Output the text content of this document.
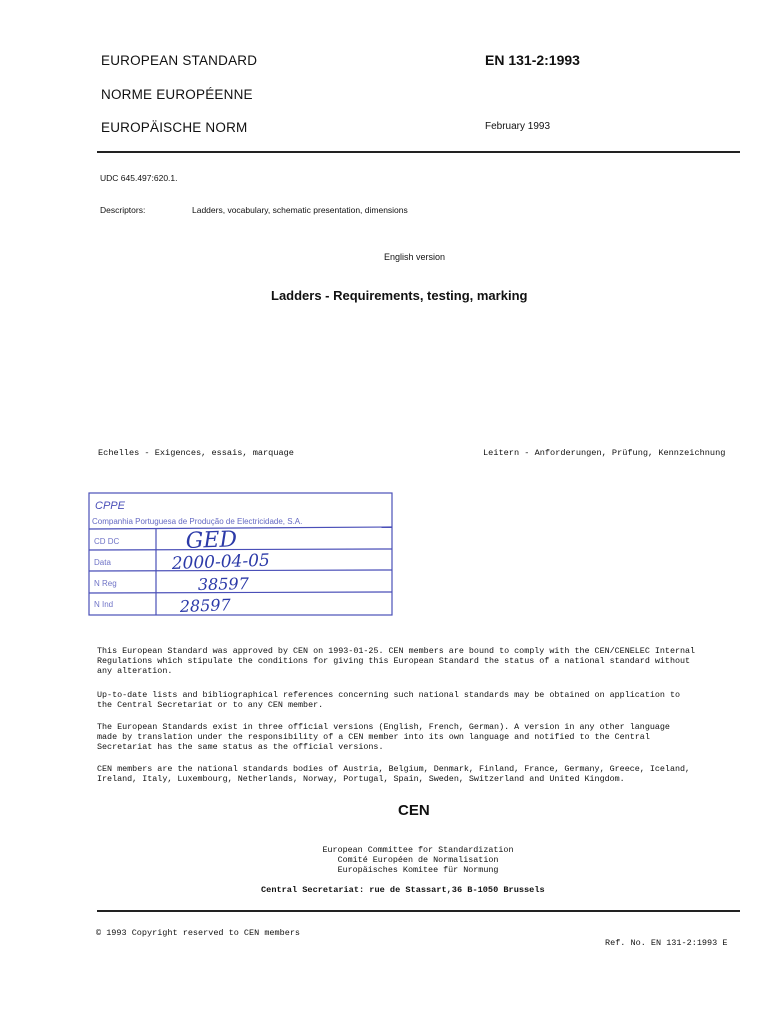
EUROPEAN STANDARD
NORME EUROPÉENNE
EUROPÄISCHE NORM
EN 131-2:1993
February 1993
UDC 645.497:620.1.
Descriptors:	Ladders, vocabulary, schematic presentation, dimensions
English version
Ladders - Requirements, testing, marking
Echelles - Exigences, essais, marquage	Leitern - Anforderungen, Prüfung, Kennzeichnung
CPPE
Companhia Portuguesa de Produção de Electricidade, S.A.
CD DC
Data
N Reg
N Ind
GED
2000-04-05
38597
28597
This European Standard was approved by CEN on 1993-01-25. CEN members are bound to comply with the CEN/CENELEC Internal
Regulations which stipulate the conditions for giving this European Standard the status of a national standard without
any alteration.
Up-to-date lists and bibliographical references concerning such national standards may be obtained on application to
the Central Secretariat or to any CEN member.
The European Standards exist in three official versions (English, French, German). A version in any other language
made by translation under the responsibility of a CEN member into its own language and notified to the Central
Secretariat has the same status as the official versions.
CEN members are the national standards bodies of Austria, Belgium, Denmark, Finland, France, Germany, Greece, Iceland,
Ireland, Italy, Luxembourg, Netherlands, Norway, Portugal, Spain, Sweden, Switzerland and United Kingdom.
CEN
European Committee for Standardization
Comité Européen de Normalisation
Europäisches Komitee für Normung
Central Secretariat: rue de Stassart,36 B-1050 Brussels
© 1993 Copyright reserved to CEN members
Ref. No. EN 131-2:1993 E
